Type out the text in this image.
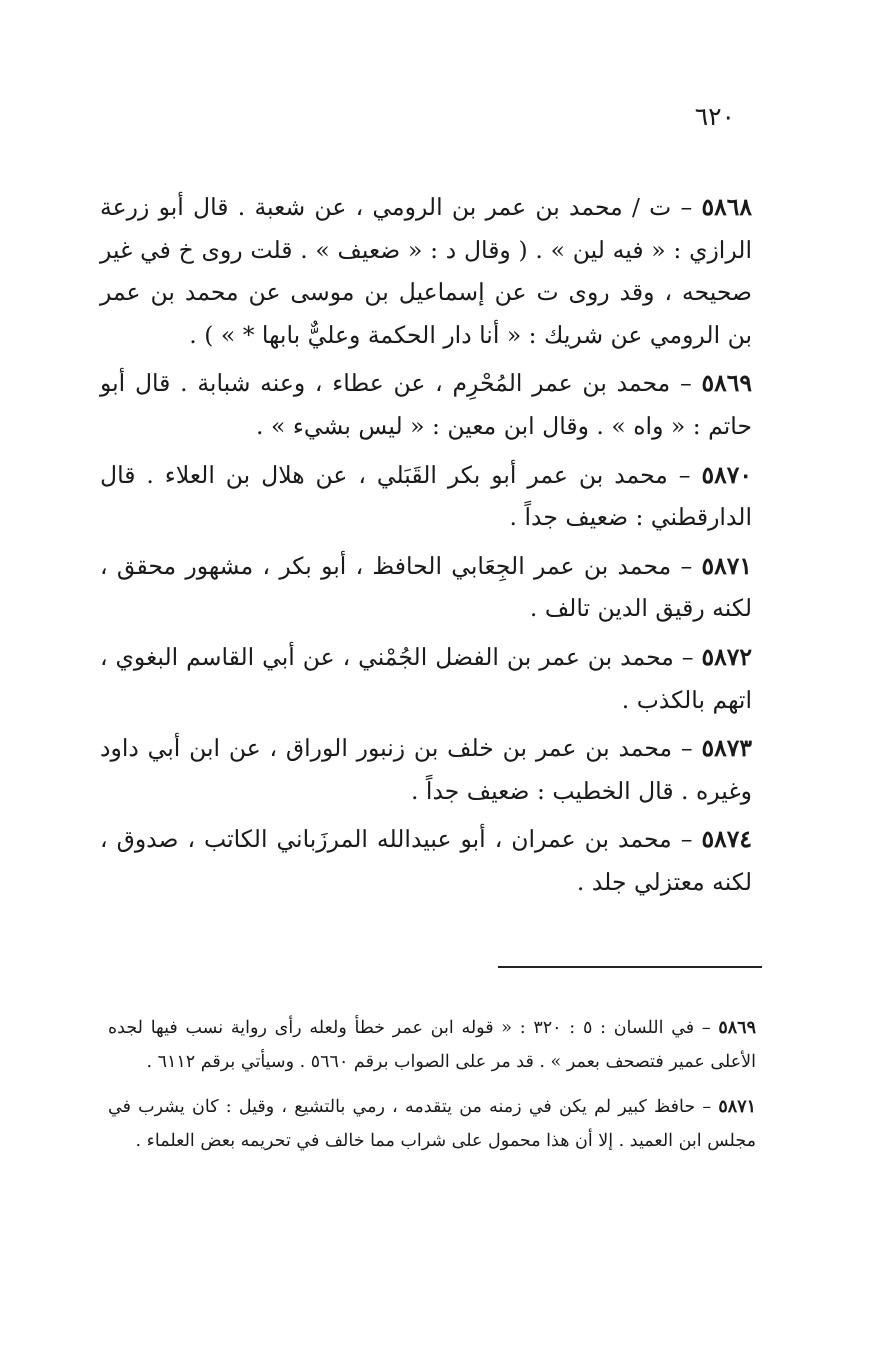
٦٢٠

٥٨٦٨ – ت / محمد بن عمر بن الرومي ، عن شعبة . قال أبو زرعة الرازي : « فيه لين » . ( وقال د : « ضعيف » . قلت روى خ في غير صحيحه ، وقد روى ت عن إسماعيل بن موسى عن محمد بن عمر بن الرومي عن شريك : « أنا دار الحكمة وعليٌّ بابها * » ) .

٥٨٦٩ – محمد بن عمر المُحْرِم ، عن عطاء ، وعنه شبابة . قال أبو حاتم : « واه » . وقال ابن معين : « ليس بشيء » .

٥٨٧٠ – محمد بن عمر أبو بكر القَبَلي ، عن هلال بن العلاء . قال الدارقطني : ضعيف جداً .

٥٨٧١ – محمد بن عمر الجِعَابي الحافظ ، أبو بكر ، مشهور محقق ، لكنه رقيق الدين تالف .

٥٨٧٢ – محمد بن عمر بن الفضل الجُمْني ، عن أبي القاسم البغوي ، اتهم بالكذب .

٥٨٧٣ – محمد بن عمر بن خلف بن زنبور الوراق ، عن ابن أبي داود وغيره . قال الخطيب : ضعيف جداً .

٥٨٧٤ – محمد بن عمران ، أبو عبيدالله المرزَباني الكاتب ، صدوق ، لكنه معتزلي جلد .

٥٨٦٩ – في اللسان : ٥ : ٣٢٠ : « قوله ابن عمر خطأ ولعله رأى رواية نسب فيها لجده الأعلى عمير فتصحف بعمر » . قد مر على الصواب برقم ٥٦٦٠ . وسيأتي برقم ٦١١٢ .

٥٨٧١ – حافظ كبير لم يكن في زمنه من يتقدمه ، رمي بالتشيع ، وقيل : كان يشرب في مجلس ابن العميد . إلا أن هذا محمول على شراب مما خالف في تحريمه بعض العلماء .
